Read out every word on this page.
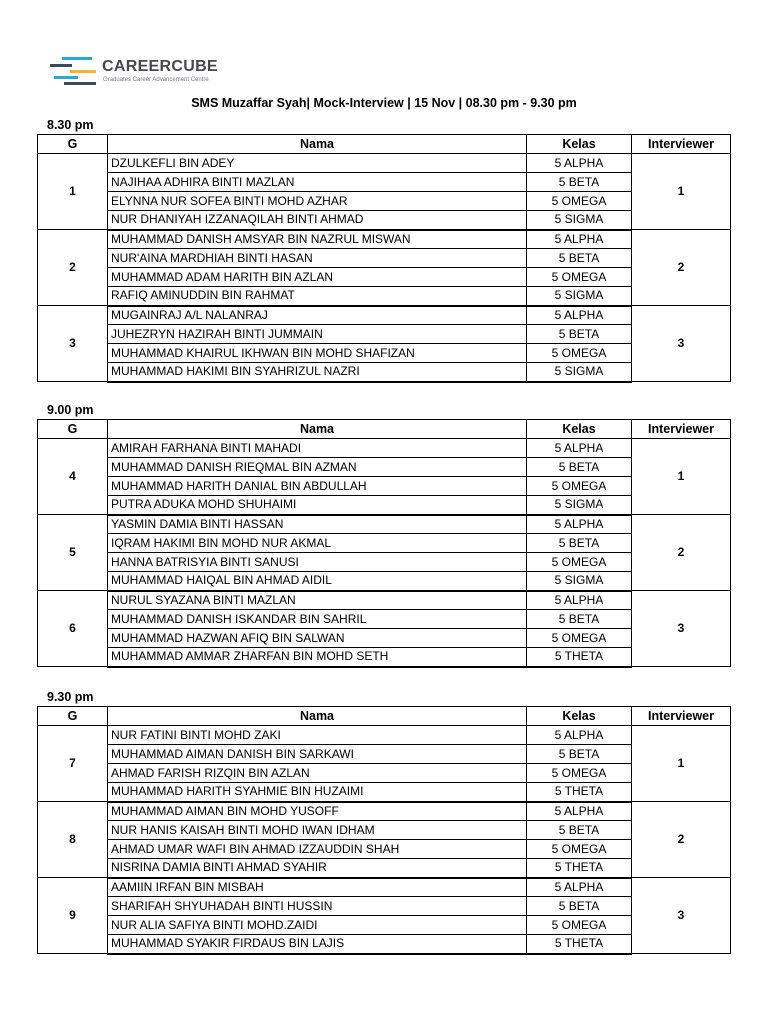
CAREERCUBE
Graduates Career Advancement Centre
SMS Muzaffar Syah| Mock-Interview | 15 Nov | 08.30 pm - 9.30 pm
8.30 pm
G	Nama	Kelas	Interviewer
1	DZULKEFLI BIN ADEY	5 ALPHA	1
	NAJIHAA ADHIRA BINTI MAZLAN	5 BETA	
	ELYNNA NUR SOFEA BINTI MOHD AZHAR	5 OMEGA	
	NUR DHANIYAH IZZANAQILAH BINTI AHMAD	5 SIGMA	
2	MUHAMMAD DANISH AMSYAR BIN NAZRUL MISWAN	5 ALPHA	2
	NUR'AINA MARDHIAH BINTI HASAN	5 BETA	
	MUHAMMAD ADAM HARITH BIN AZLAN	5 OMEGA	
	RAFIQ AMINUDDIN BIN RAHMAT	5 SIGMA	
3	MUGAINRAJ A/L NALANRAJ	5 ALPHA	3
	JUHEZRYN HAZIRAH BINTI JUMMAIN	5 BETA	
	MUHAMMAD KHAIRUL IKHWAN BIN MOHD SHAFIZAN	5 OMEGA	
	MUHAMMAD HAKIMI BIN SYAHRIZUL NAZRI	5 SIGMA	
9.00 pm
G	Nama	Kelas	Interviewer
4	AMIRAH FARHANA BINTI MAHADI	5 ALPHA	1
	MUHAMMAD DANISH RIEQMAL BIN AZMAN	5 BETA	
	MUHAMMAD HARITH DANIAL BIN ABDULLAH	5 OMEGA	
	PUTRA ADUKA MOHD SHUHAIMI	5 SIGMA	
5	YASMIN DAMIA BINTI HASSAN	5 ALPHA	2
	IQRAM HAKIMI BIN MOHD NUR AKMAL	5 BETA	
	HANNA BATRISYIA BINTI SANUSI	5 OMEGA	
	MUHAMMAD HAIQAL BIN AHMAD AIDIL	5 SIGMA	
6	NURUL SYAZANA BINTI MAZLAN	5 ALPHA	3
	MUHAMMAD DANISH ISKANDAR BIN SAHRIL	5 BETA	
	MUHAMMAD HAZWAN AFIQ BIN SALWAN	5 OMEGA	
	MUHAMMAD AMMAR ZHARFAN BIN MOHD SETH	5 THETA	
9.30 pm
G	Nama	Kelas	Interviewer
7	NUR FATINI BINTI MOHD ZAKI	5 ALPHA	1
	MUHAMMAD AIMAN DANISH BIN SARKAWI	5 BETA	
	AHMAD FARISH RIZQIN BIN AZLAN	5 OMEGA	
	MUHAMMAD HARITH SYAHMIE BIN HUZAIMI	5 THETA	
8	MUHAMMAD AIMAN BIN MOHD YUSOFF	5 ALPHA	2
	NUR HANIS KAISAH BINTI MOHD IWAN IDHAM	5 BETA	
	AHMAD UMAR WAFI BIN AHMAD IZZAUDDIN SHAH	5 OMEGA	
	NISRINA DAMIA BINTI AHMAD SYAHIR	5 THETA	
9	AAMIIN IRFAN BIN MISBAH	5 ALPHA	3
	SHARIFAH SHYUHADAH BINTI HUSSIN	5 BETA	
	NUR ALIA SAFIYA BINTI MOHD.ZAIDI	5 OMEGA	
	MUHAMMAD SYAKIR FIRDAUS BIN LAJIS	5 THETA	
